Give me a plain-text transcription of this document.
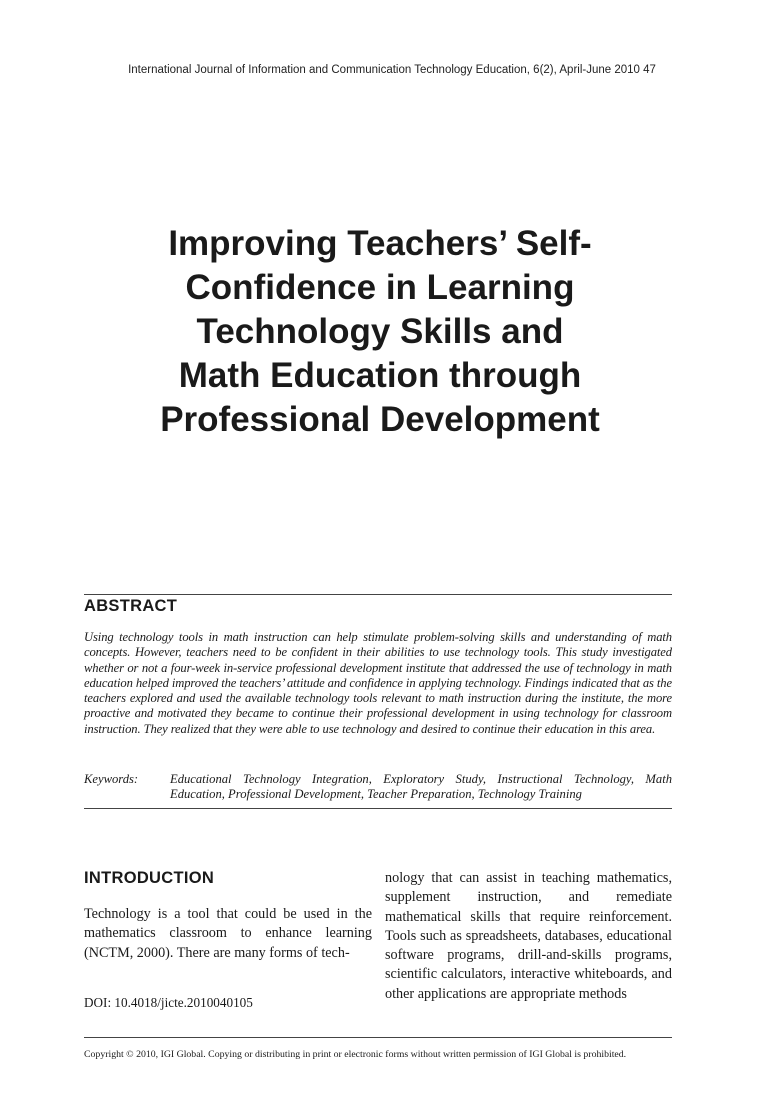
International Journal of Information and Communication Technology Education, 6(2), April-June 2010 47
Improving Teachers’ Self-
Confidence in Learning
Technology Skills and
Math Education through
Professional Development
ABSTRACT

Using technology tools in math instruction can help stimulate problem-solving skills and understanding of math concepts. However, teachers need to be confident in their abilities to use technology tools. This study investigated whether or not a four-week in-service professional development institute that addressed the use of technology in math education helped improved the teachers’ attitude and confidence in applying technology. Findings indicated that as the teachers explored and used the available technology tools relevant to math instruction during the institute, the more proactive and motivated they became to continue their professional development in using technology for classroom instruction. They realized that they were able to use technology and desired to continue their education in this area.

Keywords:	Educational Technology Integration, Exploratory Study, Instructional Technology, Math Education, Professional Development, Teacher Preparation, Technology Training

INTRODUCTION

Technology is a tool that could be used in the mathematics classroom to enhance learning (NCTM, 2000). There are many forms of tech-

nology that can assist in teaching mathematics, supplement instruction, and remediate mathematical skills that require reinforcement. Tools such as spreadsheets, databases, educational software programs, drill-and-skills programs, scientific calculators, interactive whiteboards, and other applications are appropriate methods

DOI: 10.4018/jicte.2010040105

Copyright © 2010, IGI Global. Copying or distributing in print or electronic forms without written permission of IGI Global is prohibited.
